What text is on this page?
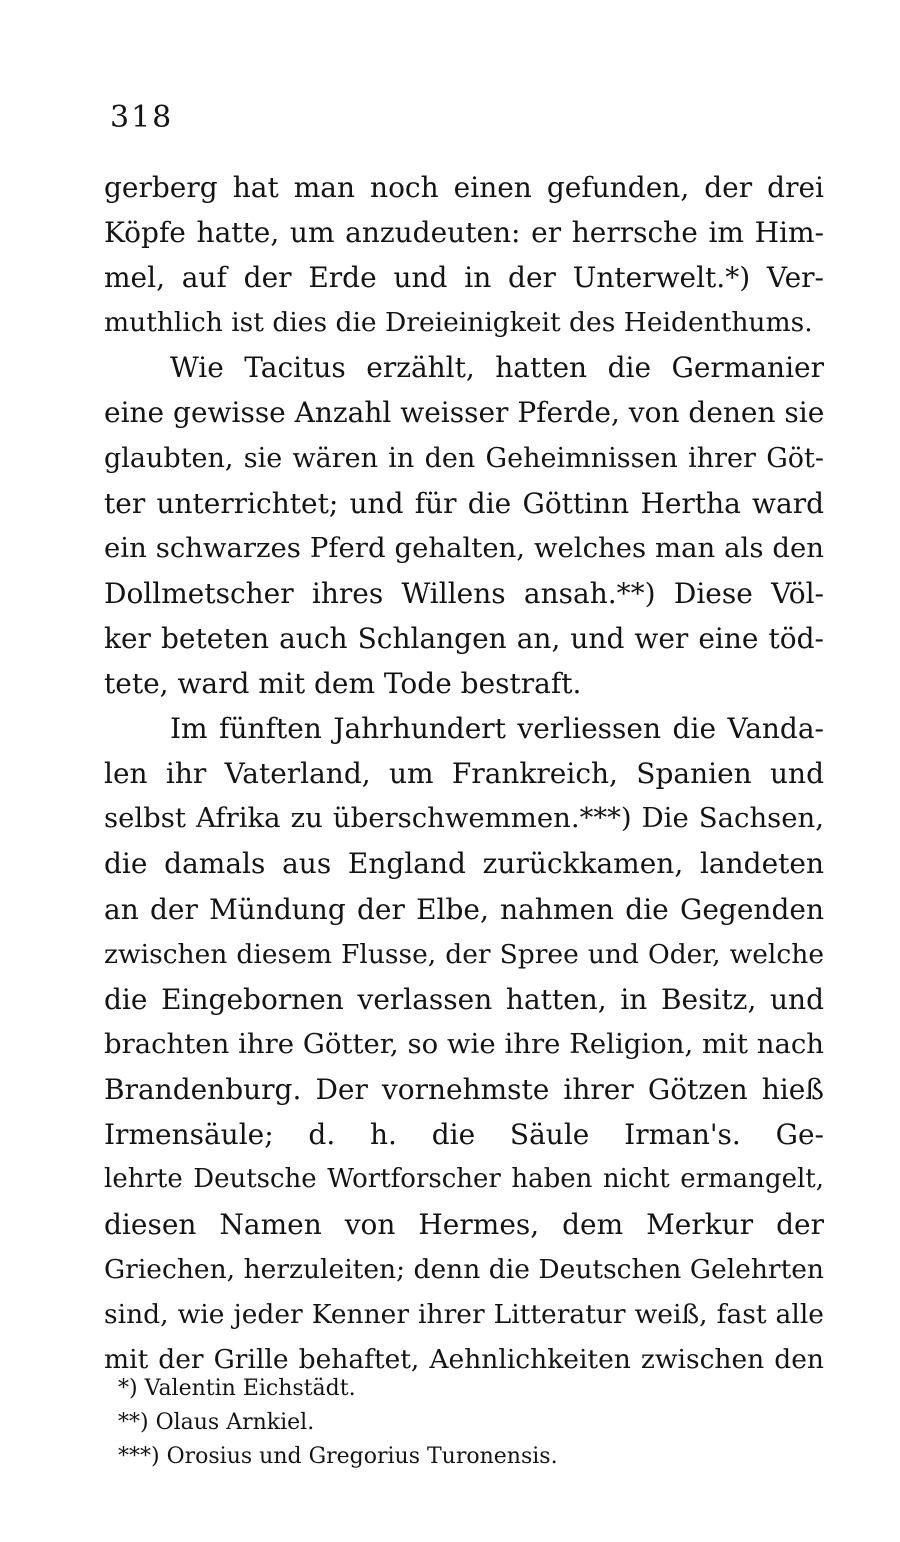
318
gerberg hat man noch einen gefunden, der drei
Köpfe hatte, um anzudeuten: er herrsche im Him-
mel, auf der Erde und in der Unterwelt.*) Ver-
muthlich ist dies die Dreieinigkeit des Heidenthums.
Wie Tacitus erzählt, hatten die Germanier
eine gewisse Anzahl weisser Pferde, von denen sie
glaubten, sie wären in den Geheimnissen ihrer Göt-
ter unterrichtet; und für die Göttinn Hertha ward
ein schwarzes Pferd gehalten, welches man als den
Dollmetscher ihres Willens ansah.**) Diese Völ-
ker beteten auch Schlangen an, und wer eine töd-
tete, ward mit dem Tode bestraft.
Im fünften Jahrhundert verliessen die Vanda-
len ihr Vaterland, um Frankreich, Spanien und
selbst Afrika zu überschwemmen.***) Die Sachsen,
die damals aus England zurückkamen, landeten
an der Mündung der Elbe, nahmen die Gegenden
zwischen diesem Flusse, der Spree und Oder, welche
die Eingebornen verlassen hatten, in Besitz, und
brachten ihre Götter, so wie ihre Religion, mit nach
Brandenburg. Der vornehmste ihrer Götzen hieß
Irmensäule; d. h. die Säule Irman's. Ge-
lehrte Deutsche Wortforscher haben nicht ermangelt,
diesen Namen von Hermes, dem Merkur der
Griechen, herzuleiten; denn die Deutschen Gelehrten
sind, wie jeder Kenner ihrer Litteratur weiß, fast alle
mit der Grille behaftet, Aehnlichkeiten zwischen den
*) Valentin Eichstädt.
**) Olaus Arnkiel.
***) Orosius und Gregorius Turonensis.
